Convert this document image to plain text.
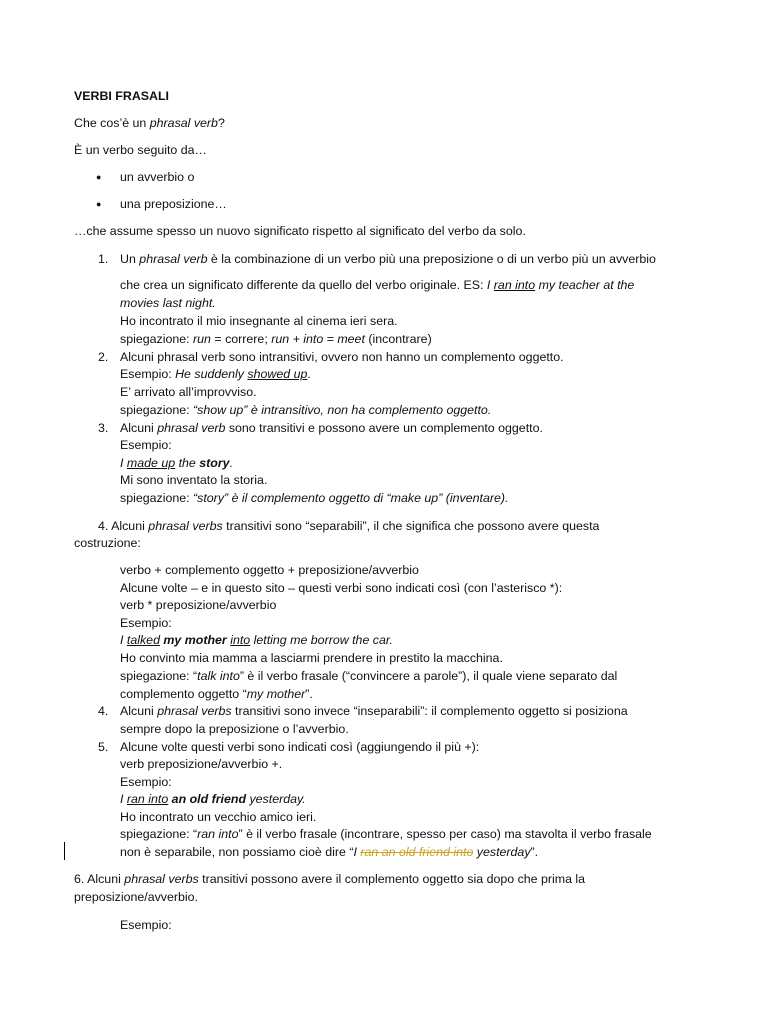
VERBI FRASALI
Che cos’è un phrasal verb?
È un verbo seguito da…
● un avverbio o
● una preposizione…
…che assume spesso un nuovo significato rispetto al significato del verbo da solo.
1. Un phrasal verb è la combinazione di un verbo più una preposizione o di un verbo più un avverbio
che crea un significato differente da quello del verbo originale. ES: I ran into my teacher at the
movies last night.
Ho incontrato il mio insegnante al cinema ieri sera.
spiegazione: run = correre; run + into = meet (incontrare)
2. Alcuni phrasal verb sono intransitivi, ovvero non hanno un complemento oggetto.
Esempio: He suddenly showed up.
E’ arrivato all’improvviso.
spiegazione: “show up” è intransitivo, non ha complemento oggetto.
3. Alcuni phrasal verb sono transitivi e possono avere un complemento oggetto.
Esempio:
I made up the story.
Mi sono inventato la storia.
spiegazione: “story” è il complemento oggetto di “make up” (inventare).
4. Alcuni phrasal verbs transitivi sono “separabili”, il che significa che possono avere questa
costruzione:
verbo + complemento oggetto + preposizione/avverbio
Alcune volte – e in questo sito – questi verbi sono indicati così (con l’asterisco *):
verb * preposizione/avverbio
Esempio:
I talked my mother into letting me borrow the car.
Ho convinto mia mamma a lasciarmi prendere in prestito la macchina.
spiegazione: “talk into” è il verbo frasale (“convincere a parole”), il quale viene separato dal
complemento oggetto “my mother”.
4. Alcuni phrasal verbs transitivi sono invece “inseparabili”: il complemento oggetto si posiziona
sempre dopo la preposizione o l’avverbio.
5. Alcune volte questi verbi sono indicati così (aggiungendo il più +):
verb preposizione/avverbio +.
Esempio:
I ran into an old friend yesterday.
Ho incontrato un vecchio amico ieri.
spiegazione: “ran into” è il verbo frasale (incontrare, spesso per caso) ma stavolta il verbo frasale
non è separabile, non possiamo cioè dire “I ran an old friend into yesterday”.
6. Alcuni phrasal verbs transitivi possono avere il complemento oggetto sia dopo che prima la
preposizione/avverbio.
Esempio:
